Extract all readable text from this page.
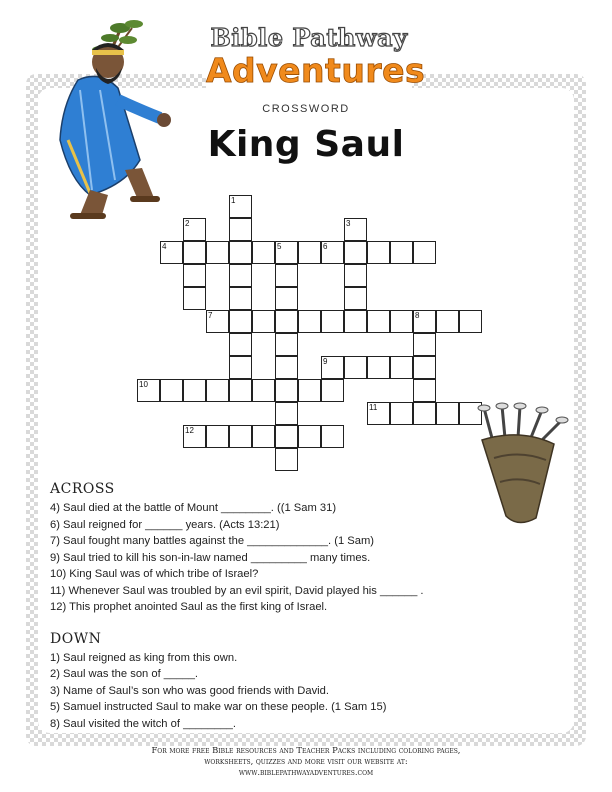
Bible Pathway
Adventures
CROSSWORD
King Saul
1
2	3
4	5	6
7	8
9
10
11
12
ACROSS
4) Saul died at the battle of Mount ________. ((1 Sam 31)
6) Saul reigned for ______ years. (Acts 13:21)
7) Saul fought many battles against the _____________. (1 Sam)
9) Saul tried to kill his son-in-law named _________ many times.
10) King Saul was of which tribe of Israel?
11) Whenever Saul was troubled by an evil spirit, David played his ______ .
12) This prophet anointed Saul as the first king of Israel.
DOWN
1) Saul reigned as king from this own.
2) Saul was the son of _____.
3) Name of Saul’s son who was good friends with David.
5) Samuel instructed Saul to make war on these people. (1 Sam 15)
8) Saul visited the witch of ________.
For more free Bible resources and Teacher Packs including coloring pages,
worksheets, quizzes and more visit our website at:
www.biblepathwayadventures.com
